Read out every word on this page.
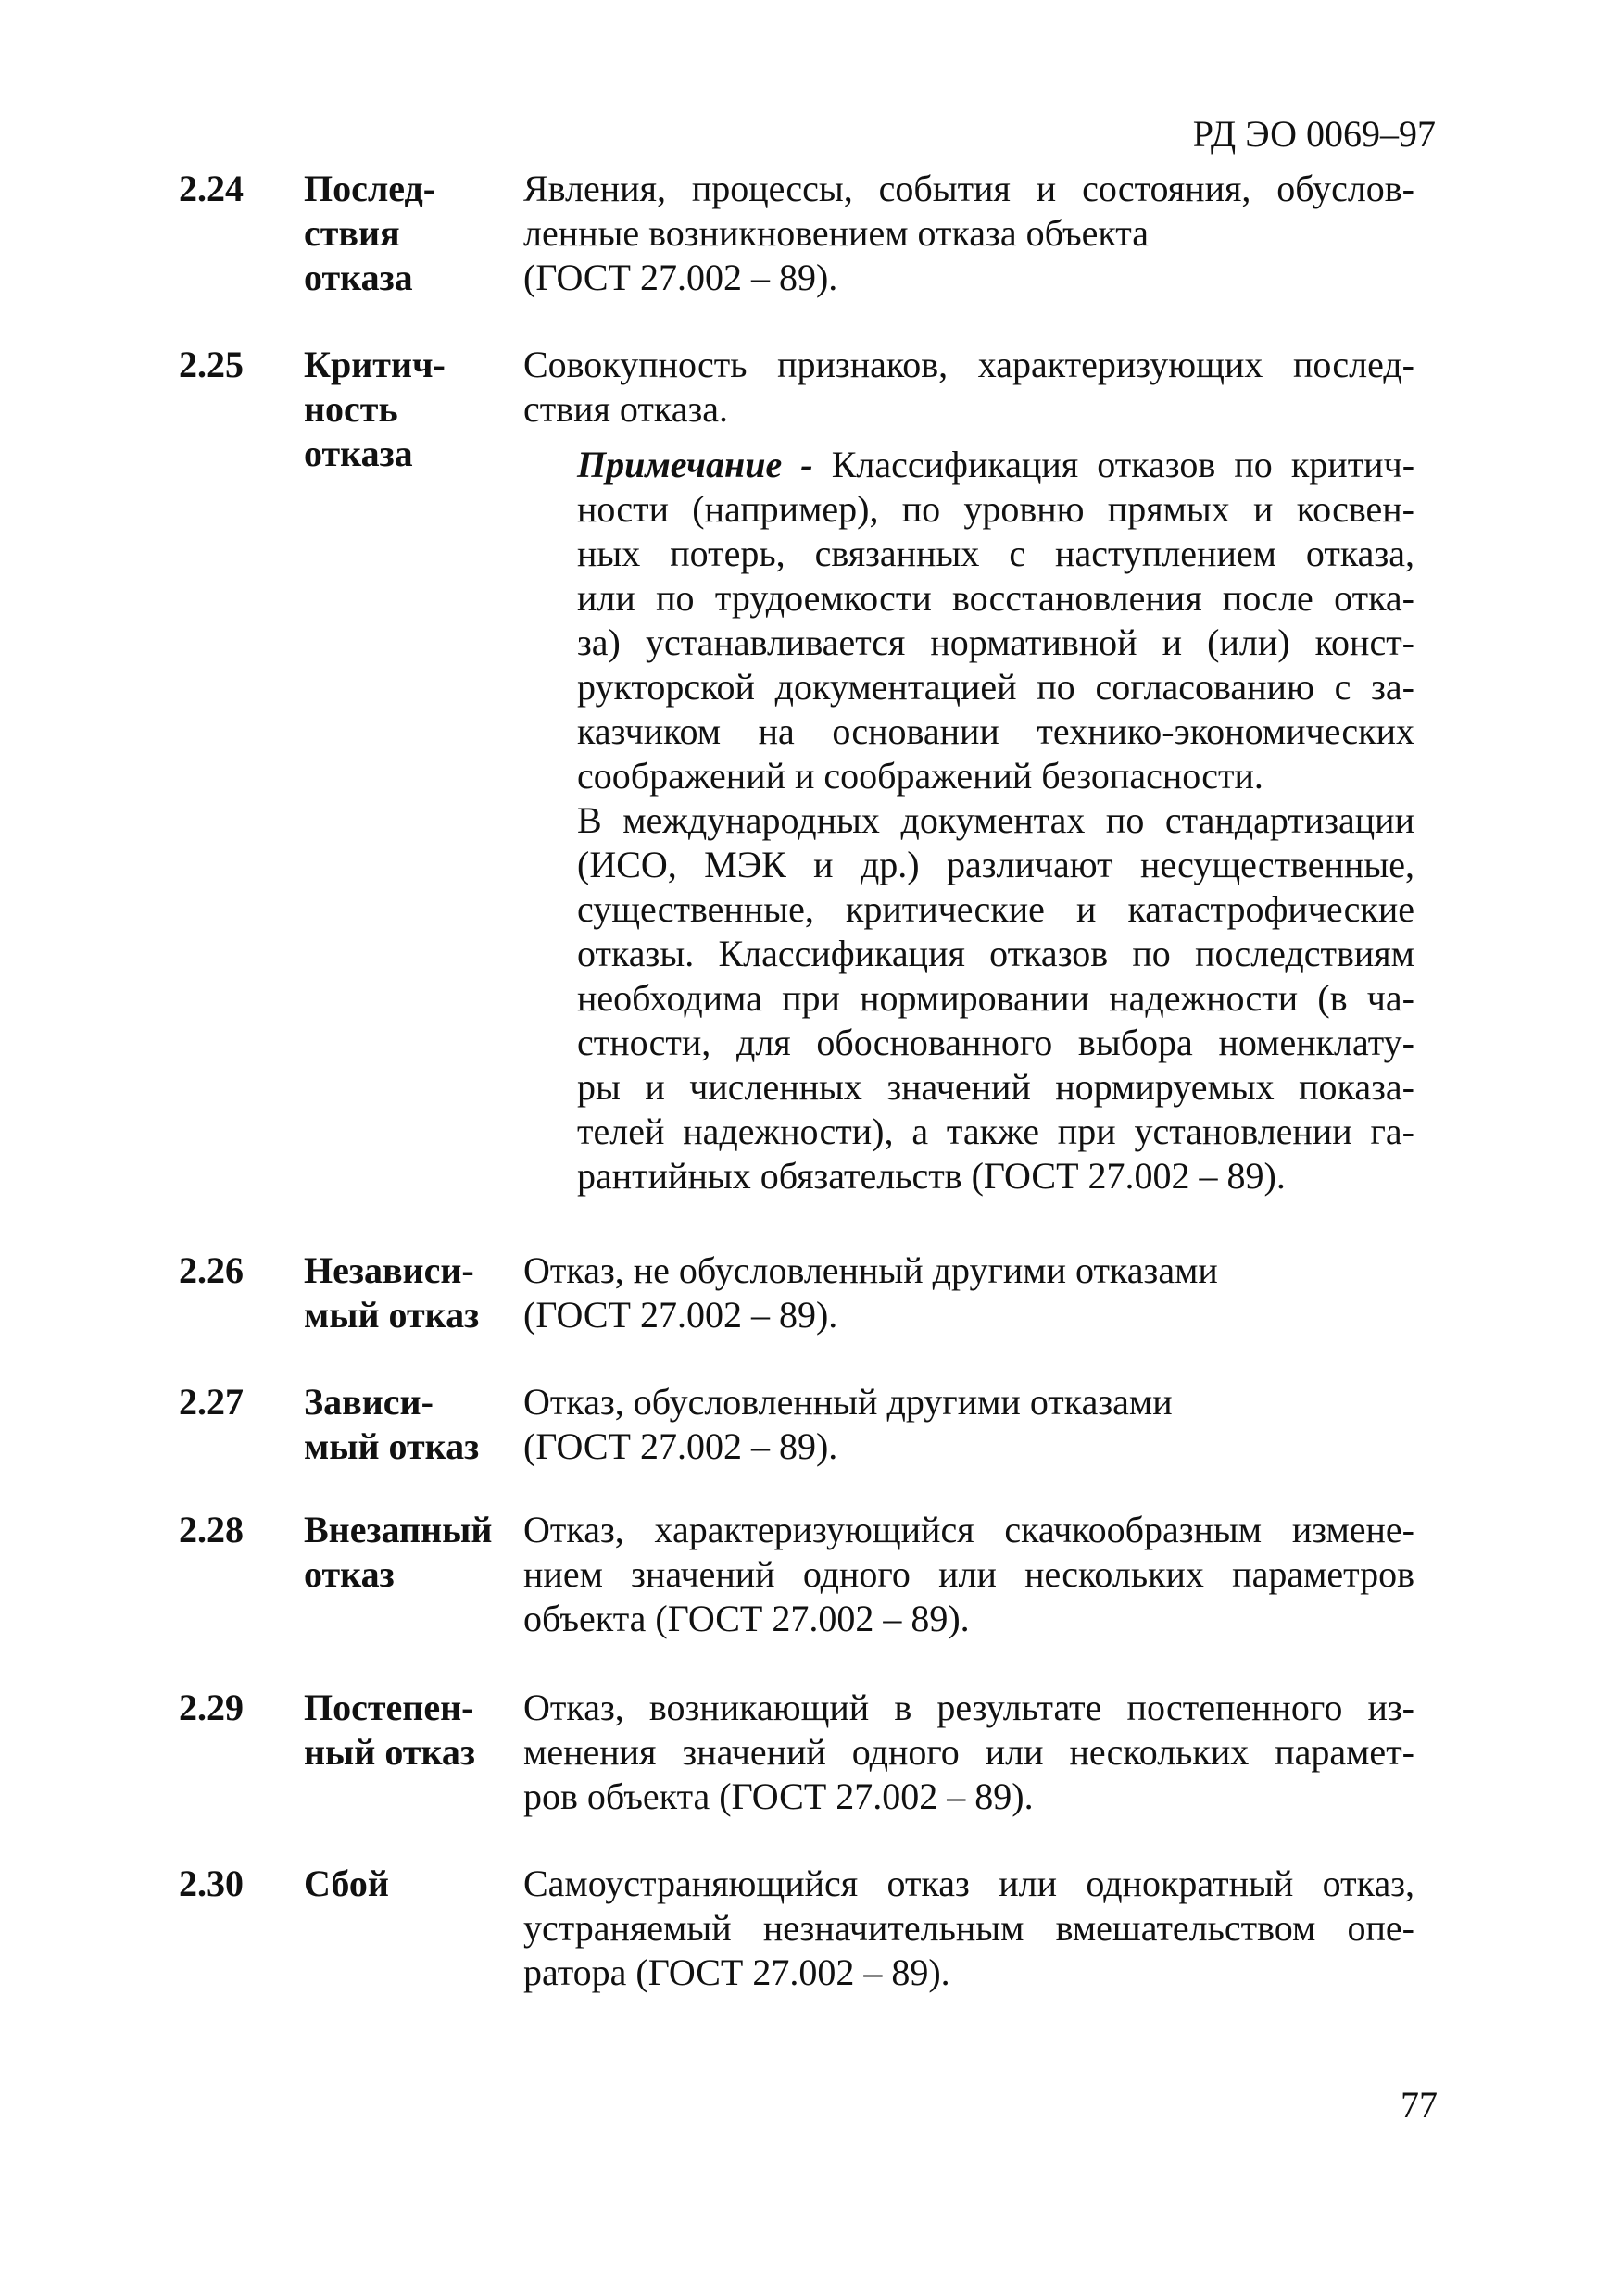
РД ЭО 0069–97
2.24 Послед-
ствия
отказа
Явления, процессы, события и состояния, обуслов-
ленные возникновением отказа объекта
(ГОСТ 27.002 – 89).
2.25 Критич-
ность
отказа
Совокупность признаков, характеризующих послед-
ствия отказа.
Примечание - Классификация отказов по критич-
ности (например), по уровню прямых и косвен-
ных потерь, связанных с наступлением отказа,
или по трудоемкости восстановления после отка-
за) устанавливается нормативной и (или) конст-
рукторской документацией по согласованию с за-
казчиком на основании технико-экономических
соображений и соображений безопасности.
В международных документах по стандартизации
(ИСО, МЭК и др.) различают несущественные,
существенные, критические и катастрофические
отказы. Классификация отказов по последствиям
необходима при нормировании надежности (в ча-
стности, для обоснованного выбора номенклату-
ры и численных значений нормируемых показа-
телей надежности), а также при установлении га-
рантийных обязательств (ГОСТ 27.002 – 89).
2.26 Независи-
мый отказ
Отказ, не обусловленный другими отказами
(ГОСТ 27.002 – 89).
2.27 Зависи-
мый отказ
Отказ, обусловленный другими отказами
(ГОСТ 27.002 – 89).
2.28 Внезапный
отказ
Отказ, характеризующийся скачкообразным измене-
нием значений одного или нескольких параметров
объекта (ГОСТ 27.002 – 89).
2.29 Постепен-
ный отказ
Отказ, возникающий в результате постепенного из-
менения значений одного или нескольких парамет-
ров объекта (ГОСТ 27.002 – 89).
2.30 Сбой	Самоустраняющийся отказ или однократный отказ,
устраняемый незначительным вмешательством опе-
ратора (ГОСТ 27.002 – 89).
77
